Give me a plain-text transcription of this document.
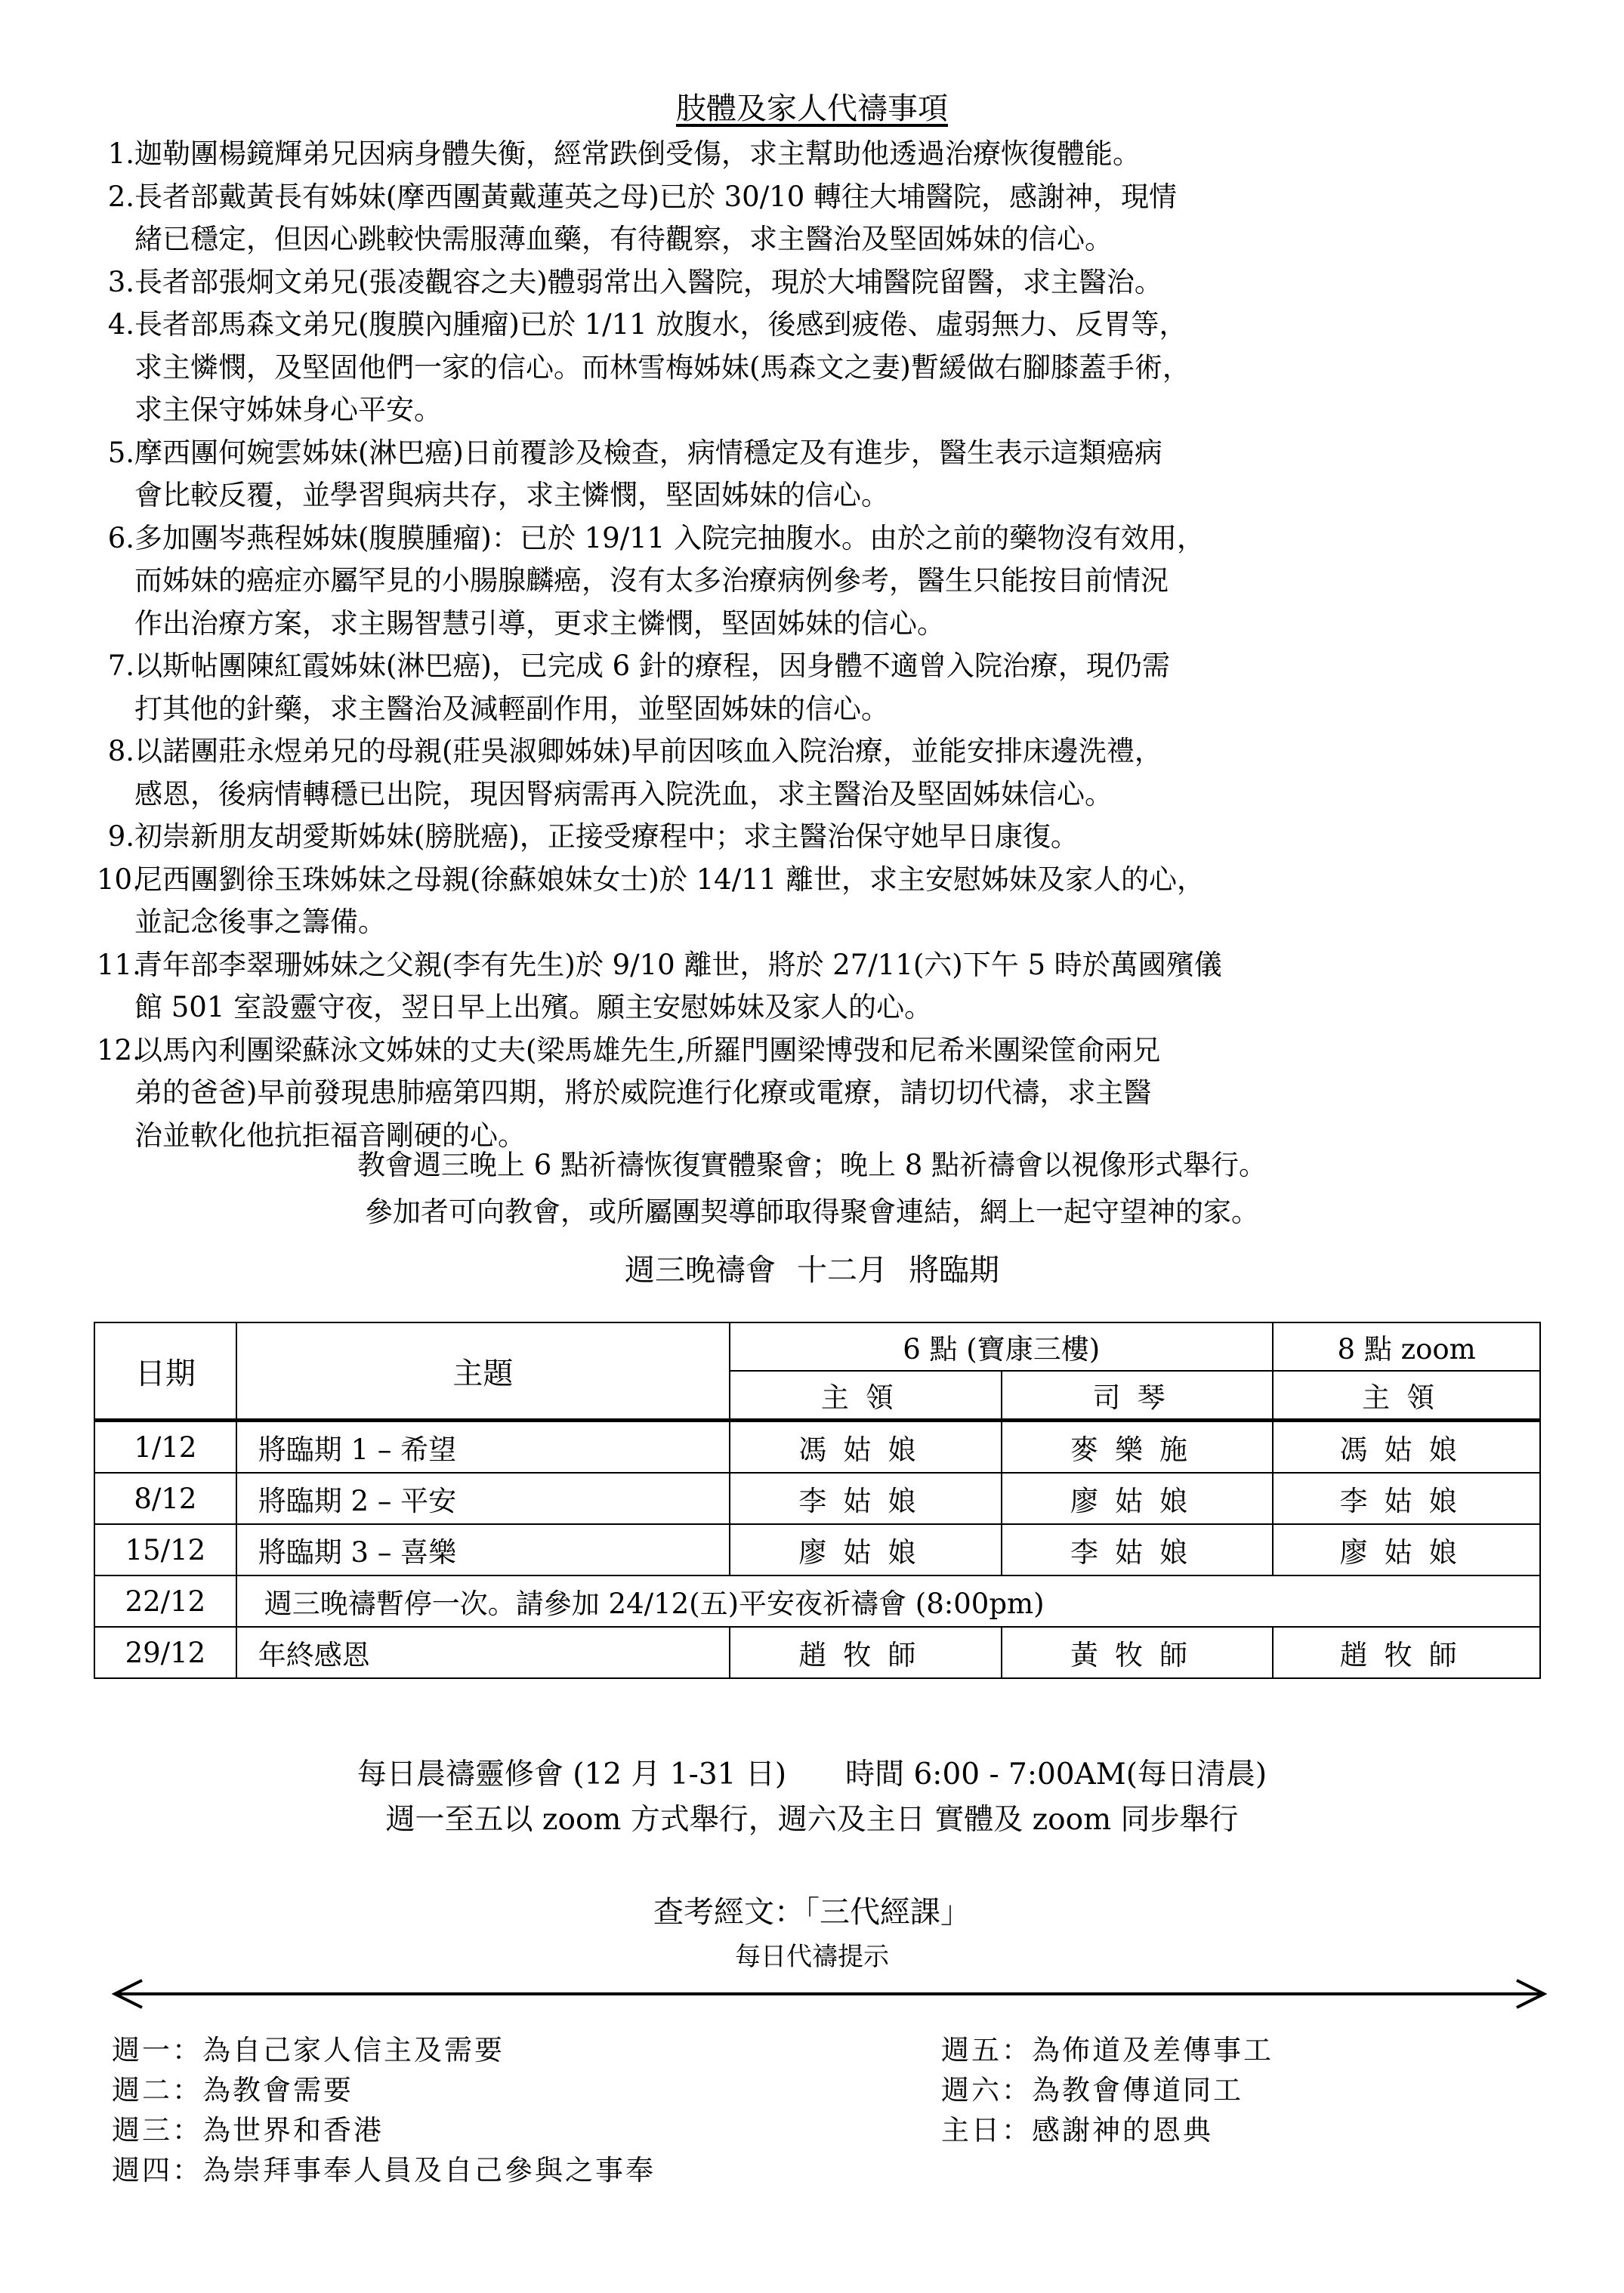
肢體及家人代禱事項
1. 迦勒團楊鏡輝弟兄因病身體失衡，經常跌倒受傷，求主幫助他透過治療恢復體能。
2. 長者部戴黃長有姊妹(摩西團黃戴蓮英之母)已於 30/10 轉往大埔醫院，感謝神，現情
緒已穩定，但因心跳較快需服薄血藥，有待觀察，求主醫治及堅固姊妹的信心。
3. 長者部張炯文弟兄(張凌觀容之夫)體弱常出入醫院，現於大埔醫院留醫，求主醫治。
4. 長者部馬森文弟兄(腹膜內腫瘤)已於 1/11 放腹水，後感到疲倦、虛弱無力、反胃等，
求主憐憫，及堅固他們一家的信心。而林雪梅姊妹(馬森文之妻)暫緩做右腳膝蓋手術，
求主保守姊妹身心平安。
5. 摩西團何婉雲姊妹(淋巴癌)日前覆診及檢查，病情穩定及有進步，醫生表示這類癌病
會比較反覆，並學習與病共存，求主憐憫，堅固姊妹的信心。
6. 多加團岑燕程姊妹(腹膜腫瘤)：已於 19/11 入院完抽腹水。由於之前的藥物沒有效用，
而姊妹的癌症亦屬罕見的小腸腺麟癌，沒有太多治療病例參考，醫生只能按目前情況
作出治療方案，求主賜智慧引導，更求主憐憫，堅固姊妹的信心。
7. 以斯帖團陳紅霞姊妹(淋巴癌)，已完成 6 針的療程，因身體不適曾入院治療，現仍需
打其他的針藥，求主醫治及減輕副作用，並堅固姊妹的信心。
8. 以諾團莊永煜弟兄的母親(莊吳淑卿姊妹)早前因咳血入院治療，並能安排床邊洗禮，
感恩，後病情轉穩已出院，現因腎病需再入院洗血，求主醫治及堅固姊妹信心。
9. 初崇新朋友胡愛斯姊妹(膀胱癌)，正接受療程中；求主醫治保守她早日康復。
10.
尼西團劉徐玉珠姊妹之母親(徐蘇娘妹女士)於 14/11 離世，求主安慰姊妹及家人的心，
並記念後事之籌備。
11.
青年部李翠珊姊妹之父親(李有先生)於 9/10 離世，將於 27/11(六)下午 5 時於萬國殯儀
館 501 室設靈守夜，翌日早上出殯。願主安慰姊妹及家人的心。
12.
以馬內利團梁蘇泳文姊妹的丈夫(梁馬雄先生,所羅門團梁博弢和尼希米團梁筐俞兩兄
弟的爸爸)早前發現患肺癌第四期，將於威院進行化療或電療，請切切代禱，求主醫
治並軟化他抗拒福音剛硬的心。
教會週三晚上 6 點祈禱恢復實體聚會；晚上 8 點祈禱會以視像形式舉行。
參加者可向教會，或所屬團契導師取得聚會連結，網上一起守望神的家。
週三晚禱會 十二月 將臨期
日期	主題	6 點 (寶康三樓)		8 點 zoom
		主領	司琴	主領
1/12	將臨期 1 – 希望	馮姑娘	麥樂施	馮姑娘
8/12	將臨期 2 – 平安	李姑娘	廖姑娘	李姑娘
15/12	將臨期 3 – 喜樂	廖姑娘	李姑娘	廖姑娘
22/12	週三晚禱暫停一次。請參加 24/12(五)平安夜祈禱會 (8:00pm)			
29/12	年終感恩	趙牧師	黃牧師	趙牧師
每日晨禱靈修會 (12 月 1-31 日)　　時間 6:00 - 7:00AM(每日清晨)
週一至五以 zoom 方式舉行，週六及主日 實體及 zoom 同步舉行
查考經文：「三代經課」
每日代禱提示
週一：為自己家人信主及需要
週二：為教會需要
週三：為世界和香港
週四：為崇拜事奉人員及自己參與之事奉
週五：為佈道及差傳事工
週六：為教會傳道同工
主日：感謝神的恩典
